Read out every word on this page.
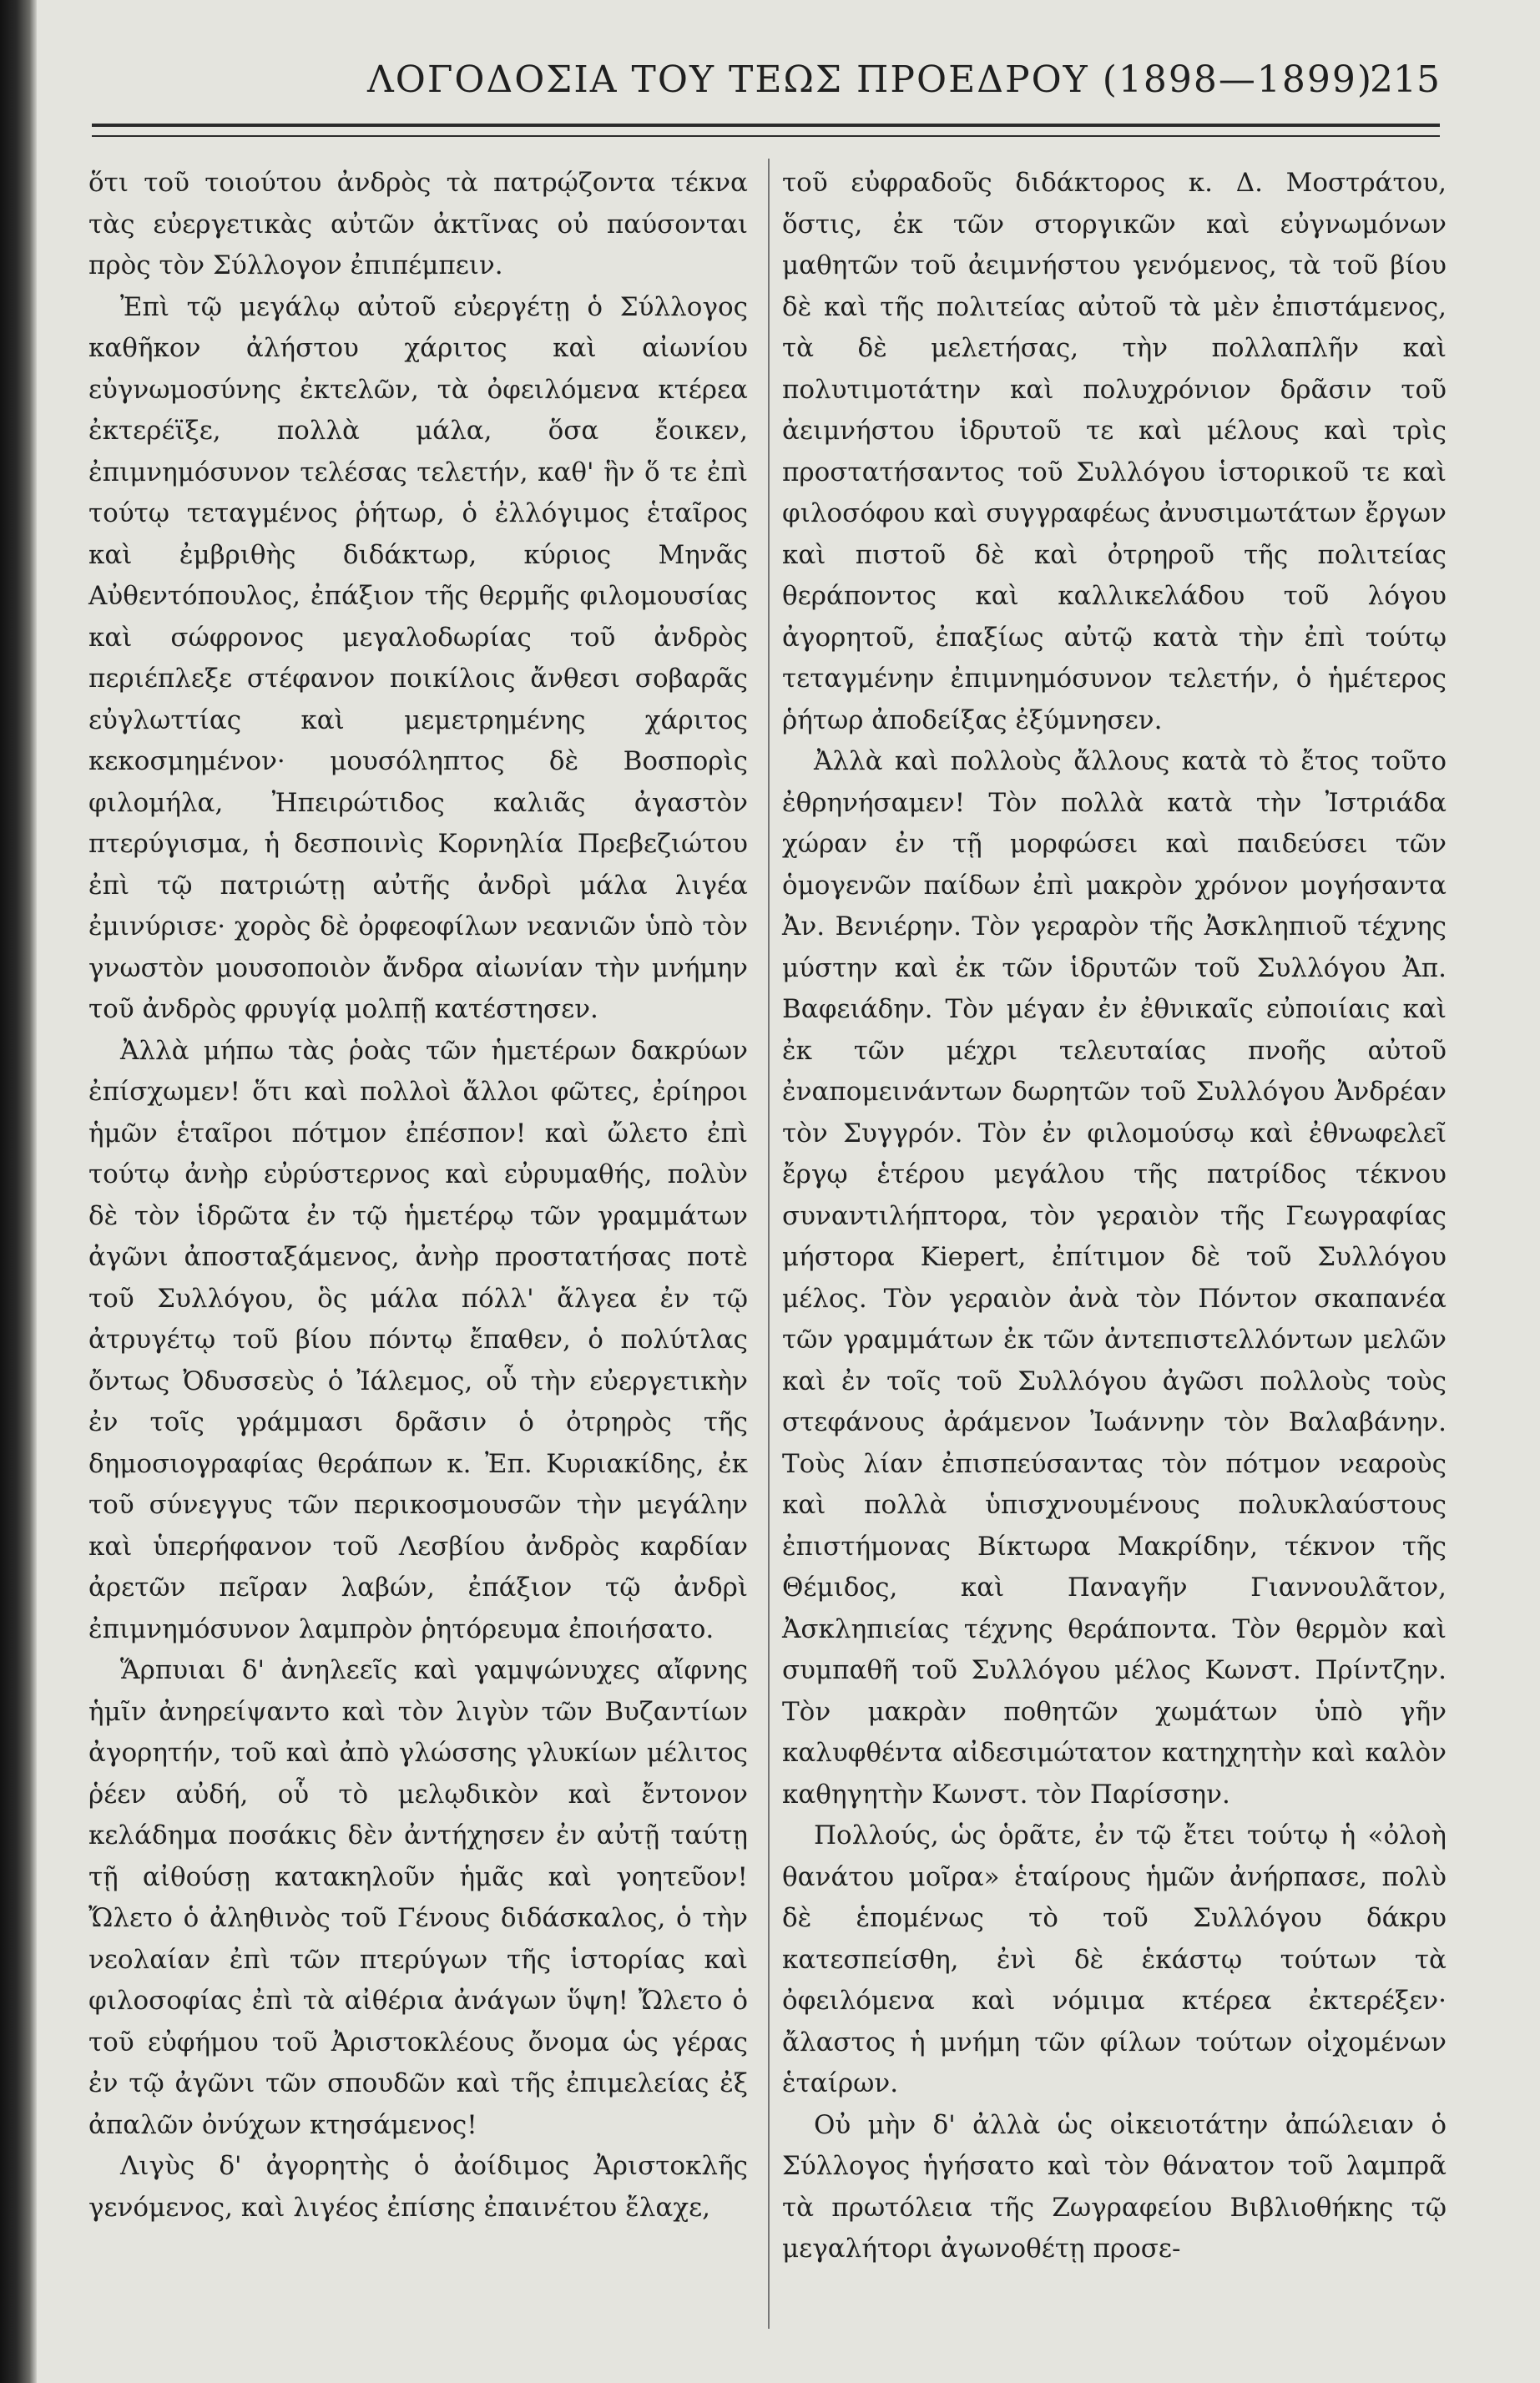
ΛΟΓΟΔΟΣΙΑ ΤΟΥ ΤΕΩΣ ΠΡΟΕΔΡΟΥ (1898—1899)
215

ὅτι τοῦ τοιούτου ἀνδρὸς τὰ πατρῴζοντα τέκνα τὰς εὐεργετικὰς αὐτῶν ἀκτῖνας οὐ παύσονται πρὸς τὸν Σύλλογον ἐπιπέμπειν.

Ἐπὶ τῷ μεγάλῳ αὐτοῦ εὐεργέτῃ ὁ Σύλλογος καθῆκον ἀλήστου χάριτος καὶ αἰωνίου εὐγνωμοσύνης ἐκτελῶν, τὰ ὀφειλόμενα κτέρεα ἐκτερέϊξε, πολλὰ μάλα, ὅσα ἔοικεν, ἐπιμνημόσυνον τελέσας τελετήν, καθ' ἣν ὅ τε ἐπὶ τούτῳ τεταγμένος ῥήτωρ, ὁ ἐλλόγιμος ἑταῖρος καὶ ἐμβριθὴς διδάκτωρ, κύριος Μηνᾶς Αὐθεντόπουλος, ἐπάξιον τῆς θερμῆς φιλομουσίας καὶ σώφρονος μεγαλοδωρίας τοῦ ἀνδρὸς περιέπλεξε στέφανον ποικίλοις ἄνθεσι σοβαρᾶς εὐγλωττίας καὶ μεμετρημένης χάριτος κεκοσμημένον· μουσόληπτος δὲ Βοσπορὶς φιλομήλα, Ἠπειρώτιδος καλιᾶς ἀγαστὸν πτερύγισμα, ἡ δεσποινὶς Κορνηλία Πρεβεζιώτου ἐπὶ τῷ πατριώτῃ αὐτῆς ἀνδρὶ μάλα λιγέα ἐμινύρισε· χορὸς δὲ ὀρφεοφίλων νεανιῶν ὑπὸ τὸν γνωστὸν μουσοποιὸν ἄνδρα αἰωνίαν τὴν μνήμην τοῦ ἀνδρὸς φρυγίᾳ μολπῇ κατέστησεν.

Ἀλλὰ μήπω τὰς ῥοὰς τῶν ἡμετέρων δακρύων ἐπίσχωμεν! ὅτι καὶ πολλοὶ ἄλλοι φῶτες, ἐρίηροι ἡμῶν ἑταῖροι πότμον ἐπέσπον! καὶ ὤλετο ἐπὶ τούτῳ ἀνὴρ εὐρύστερνος καὶ εὐρυμαθής, πολὺν δὲ τὸν ἱδρῶτα ἐν τῷ ἡμετέρῳ τῶν γραμμάτων ἀγῶνι ἀποσταξάμενος, ἀνὴρ προστατήσας ποτὲ τοῦ Συλλόγου, ὃς μάλα πόλλ' ἄλγεα ἐν τῷ ἀτρυγέτῳ τοῦ βίου πόντῳ ἔπαθεν, ὁ πολύτλας ὄντως Ὀδυσσεὺς ὁ Ἰάλεμος, οὗ τὴν εὐεργετικὴν ἐν τοῖς γράμμασι δρᾶσιν ὁ ὀτρηρὸς τῆς δημοσιογραφίας θεράπων κ. Ἐπ. Κυριακίδης, ἐκ τοῦ σύνεγγυς τῶν περικοσμουσῶν τὴν μεγάλην καὶ ὑπερήφανον τοῦ Λεσβίου ἀνδρὸς καρδίαν ἀρετῶν πεῖραν λαβών, ἐπάξιον τῷ ἀνδρὶ ἐπιμνημόσυνον λαμπρὸν ῥητόρευμα ἐποιήσατο.

Ἅρπυιαι δ' ἀνηλεεῖς καὶ γαμψώνυχες αἴφνης ἡμῖν ἀνηρείψαντο καὶ τὸν λιγὺν τῶν Βυζαντίων ἀγορητήν, τοῦ καὶ ἀπὸ γλώσσης γλυκίων μέλιτος ῥέεν αὐδή, οὗ τὸ μελῳδικὸν καὶ ἔντονον κελάδημα ποσάκις δὲν ἀντήχησεν ἐν αὐτῇ ταύτῃ τῇ αἰθούσῃ κατακηλοῦν ἡμᾶς καὶ γοητεῦον! Ὤλετο ὁ ἀληθινὸς τοῦ Γένους διδάσκαλος, ὁ τὴν νεολαίαν ἐπὶ τῶν πτερύγων τῆς ἱστορίας καὶ φιλοσοφίας ἐπὶ τὰ αἰθέρια ἀνάγων ὕψη! Ὤλετο ὁ τοῦ εὐφήμου τοῦ Ἀριστοκλέους ὄνομα ὡς γέρας ἐν τῷ ἀγῶνι τῶν σπουδῶν καὶ τῆς ἐπιμελείας ἐξ ἀπαλῶν ὀνύχων κτησάμενος!

Λιγὺς δ' ἀγορητὴς ὁ ἀοίδιμος Ἀριστοκλῆς γενόμενος, καὶ λιγέος ἐπίσης ἐπαινέτου ἔλαχε,

τοῦ εὐφραδοῦς διδάκτορος κ. Δ. Μοστράτου, ὅστις, ἐκ τῶν στοργικῶν καὶ εὐγνωμόνων μαθητῶν τοῦ ἀειμνήστου γενόμενος, τὰ τοῦ βίου δὲ καὶ τῆς πολιτείας αὐτοῦ τὰ μὲν ἐπιστάμενος, τὰ δὲ μελετήσας, τὴν πολλαπλῆν καὶ πολυτιμοτάτην καὶ πολυχρόνιον δρᾶσιν τοῦ ἀειμνήστου ἱδρυτοῦ τε καὶ μέλους καὶ τρὶς προστατήσαντος τοῦ Συλλόγου ἱστορικοῦ τε καὶ φιλοσόφου καὶ συγγραφέως ἀνυσιμωτάτων ἔργων καὶ πιστοῦ δὲ καὶ ὀτρηροῦ τῆς πολιτείας θεράποντος καὶ καλλικελάδου τοῦ λόγου ἀγορητοῦ, ἐπαξίως αὐτῷ κατὰ τὴν ἐπὶ τούτῳ τεταγμένην ἐπιμνημόσυνον τελετήν, ὁ ἡμέτερος ῥήτωρ ἀποδείξας ἐξύμνησεν.

Ἀλλὰ καὶ πολλοὺς ἄλλους κατὰ τὸ ἔτος τοῦτο ἐθρηνήσαμεν! Τὸν πολλὰ κατὰ τὴν Ἰστριάδα χώραν ἐν τῇ μορφώσει καὶ παιδεύσει τῶν ὁμογενῶν παίδων ἐπὶ μακρὸν χρόνον μογήσαντα Ἀν. Βενιέρην. Τὸν γεραρὸν τῆς Ἀσκληπιοῦ τέχνης μύστην καὶ ἐκ τῶν ἱδρυτῶν τοῦ Συλλόγου Ἀπ. Βαφειάδην. Τὸν μέγαν ἐν ἐθνικαῖς εὐποιίαις καὶ ἐκ τῶν μέχρι τελευταίας πνοῆς αὐτοῦ ἐναπομεινάντων δωρητῶν τοῦ Συλλόγου Ἀνδρέαν τὸν Συγγρόν. Τὸν ἐν φιλομούσῳ καὶ ἐθνωφελεῖ ἔργῳ ἑτέρου μεγάλου τῆς πατρίδος τέκνου συναντιλήπτορα, τὸν γεραιὸν τῆς Γεωγραφίας μήστορα Kiepert, ἐπίτιμον δὲ τοῦ Συλλόγου μέλος. Τὸν γεραιὸν ἀνὰ τὸν Πόντον σκαπανέα τῶν γραμμάτων ἐκ τῶν ἀντεπιστελλόντων μελῶν καὶ ἐν τοῖς τοῦ Συλλόγου ἀγῶσι πολλοὺς τοὺς στεφάνους ἀράμενον Ἰωάννην τὸν Βαλαβάνην. Τοὺς λίαν ἐπισπεύσαντας τὸν πότμον νεαροὺς καὶ πολλὰ ὑπισχνουμένους πολυκλαύστους ἐπιστήμονας Βίκτωρα Μακρίδην, τέκνον τῆς Θέμιδος, καὶ Παναγῆν Γιαννουλᾶτον, Ἀσκληπιείας τέχνης θεράποντα. Τὸν θερμὸν καὶ συμπαθῆ τοῦ Συλλόγου μέλος Κωνστ. Πρίντζην. Τὸν μακρὰν ποθητῶν χωμάτων ὑπὸ γῆν καλυφθέντα αἰδεσιμώτατον κατηχητὴν καὶ καλὸν καθηγητὴν Κωνστ. τὸν Παρίσσην.

Πολλούς, ὡς ὁρᾶτε, ἐν τῷ ἔτει τούτῳ ἡ «ὀλοὴ θανάτου μοῖρα» ἑταίρους ἡμῶν ἀνήρπασε, πολὺ δὲ ἑπομένως τὸ τοῦ Συλλόγου δάκρυ κατεσπείσθη, ἐνὶ δὲ ἑκάστῳ τούτων τὰ ὀφειλόμενα καὶ νόμιμα κτέρεα ἐκτερέξεν· ἄλαστος ἡ μνήμη τῶν φίλων τούτων οἰχομένων ἑταίρων.

Οὐ μὴν δ' ἀλλὰ ὡς οἰκειοτάτην ἀπώλειαν ὁ Σύλλογος ἡγήσατο καὶ τὸν θάνατον τοῦ λαμπρᾶ τὰ πρωτόλεια τῆς Ζωγραφείου Βιβλιοθήκης τῷ μεγαλήτορι ἀγωνοθέτῃ προσε-
